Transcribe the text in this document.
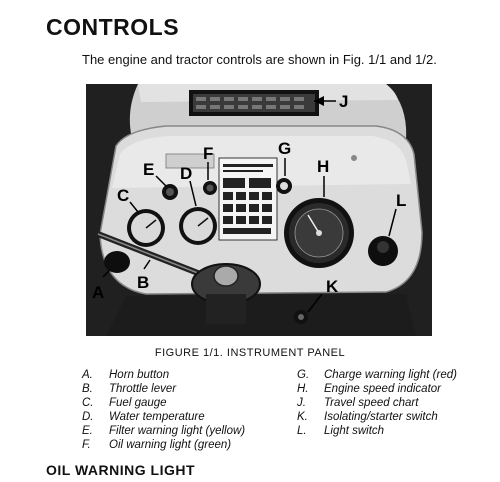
CONTROLS

The engine and tractor controls are shown in Fig. 1/1 and 1/2.

J
E
F	G
D
C
H
L
A
B	K

FIGURE 1/1. INSTRUMENT PANEL

A.	Horn button
B.	Throttle lever
C.	Fuel gauge
D.	Water temperature
E.	Filter warning light (yellow)
F.	Oil warning light (green)
G.	Charge warning light (red)
H.	Engine speed indicator
J.	Travel speed chart
K.	Isolating/starter switch
L.	Light switch
OIL WARNING LIGHT
